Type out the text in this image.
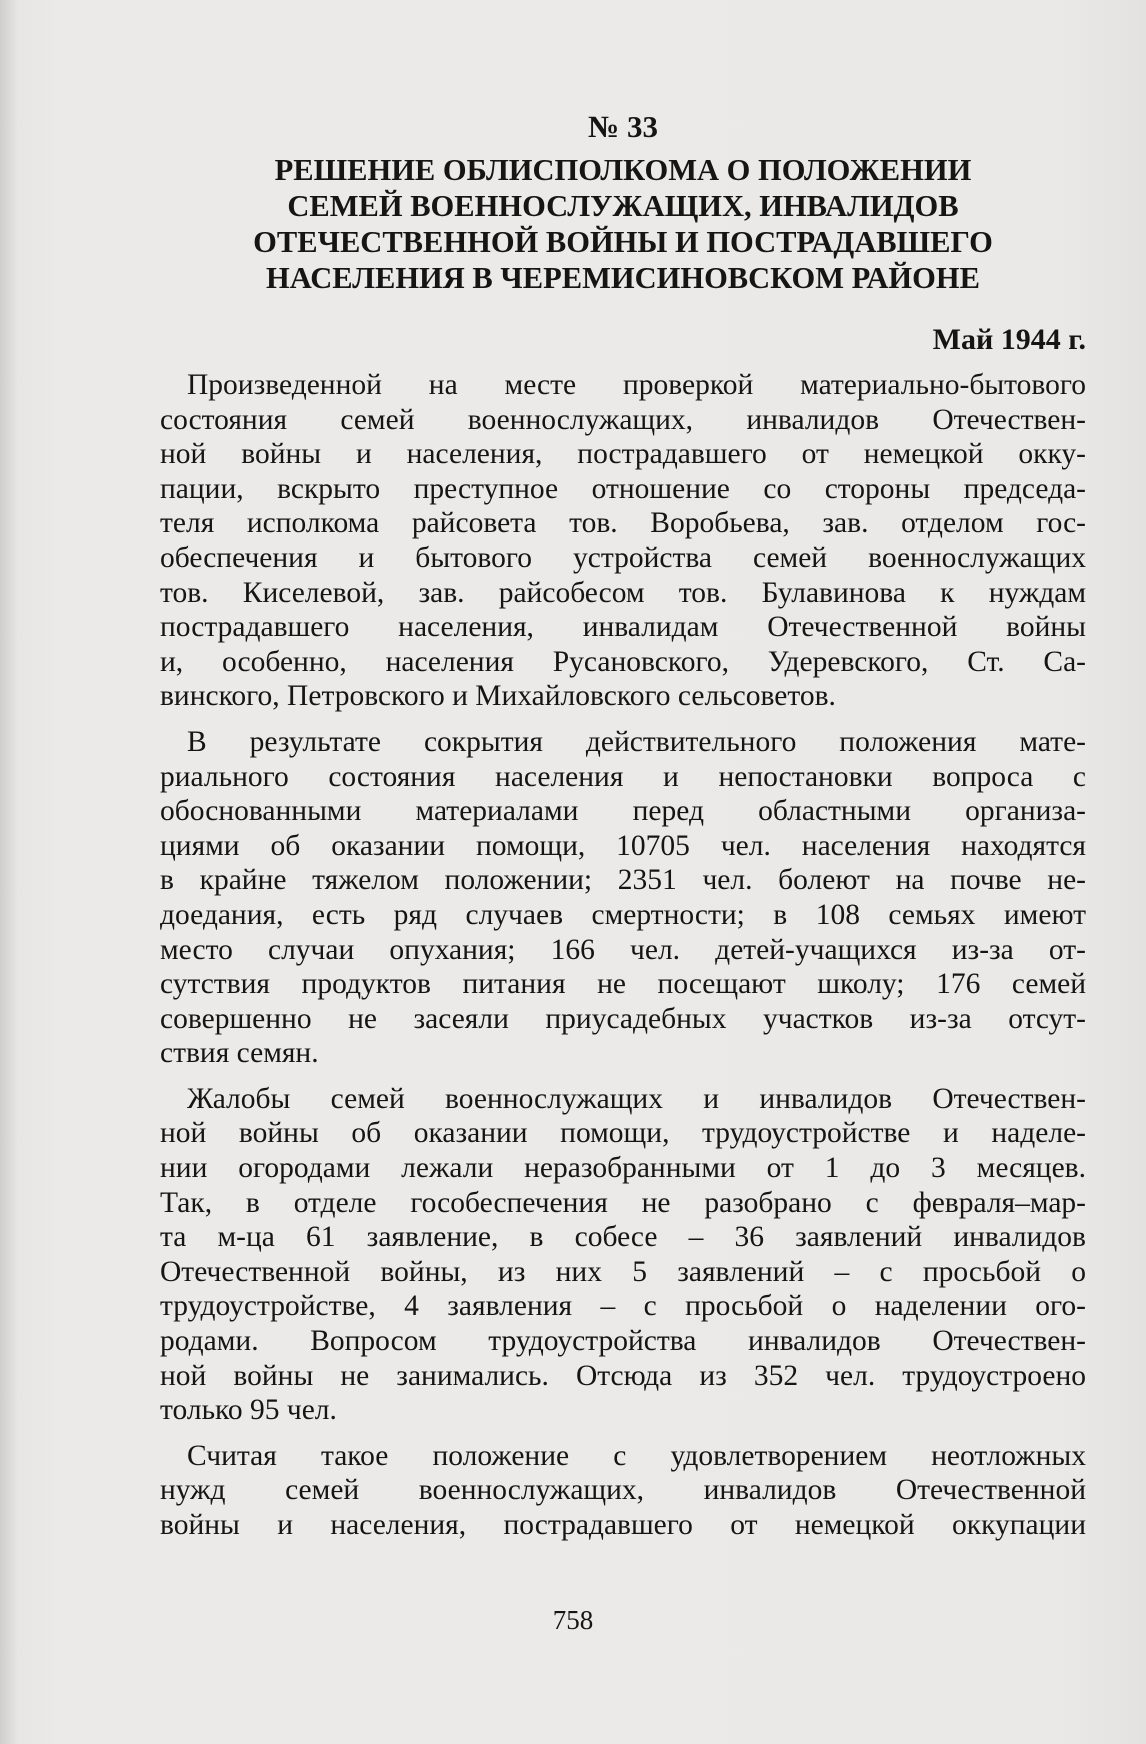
№ 33
РЕШЕНИЕ ОБЛИСПОЛКОМА О ПОЛОЖЕНИИ
СЕМЕЙ ВОЕННОСЛУЖАЩИХ, ИНВАЛИДОВ
ОТЕЧЕСТВЕННОЙ ВОЙНЫ И ПОСТРАДАВШЕГО
НАСЕЛЕНИЯ В ЧЕРЕМИСИНОВСКОМ РАЙОНЕ
Май 1944 г.

Произведенной на месте проверкой материально-бытового
состояния семей военнослужащих, инвалидов Отечествен-
ной войны и населения, пострадавшего от немецкой окку-
пации, вскрыто преступное отношение со стороны председа-
теля исполкома райсовета тов. Воробьева, зав. отделом гос-
обеспечения и бытового устройства семей военнослужащих
тов. Киселевой, зав. райсобесом тов. Булавинова к нуждам
пострадавшего населения, инвалидам Отечественной войны
и, особенно, населения Русановского, Удеревского, Ст. Са-
винского, Петровского и Михайловского сельсоветов.

В результате сокрытия действительного положения мате-
риального состояния населения и непостановки вопроса с
обоснованными материалами перед областными организа-
циями об оказании помощи, 10705 чел. населения находятся
в крайне тяжелом положении; 2351 чел. болеют на почве не-
доедания, есть ряд случаев смертности; в 108 семьях имеют
место случаи опухания; 166 чел. детей-учащихся из-за от-
сутствия продуктов питания не посещают школу; 176 семей
совершенно не засеяли приусадебных участков из-за отсут-
ствия семян.

Жалобы семей военнослужащих и инвалидов Отечествен-
ной войны об оказании помощи, трудоустройстве и наделе-
нии огородами лежали неразобранными от 1 до 3 месяцев.
Так, в отделе гособеспечения не разобрано с февраля–мар-
та м-ца 61 заявление, в собесе – 36 заявлений инвалидов
Отечественной войны, из них 5 заявлений – с просьбой о
трудоустройстве, 4 заявления – с просьбой о наделении ого-
родами. Вопросом трудоустройства инвалидов Отечествен-
ной войны не занимались. Отсюда из 352 чел. трудоустроено
только 95 чел.

Считая такое положение с удовлетворением неотложных
нужд семей военнослужащих, инвалидов Отечественной
войны и населения, пострадавшего от немецкой оккупации

758
